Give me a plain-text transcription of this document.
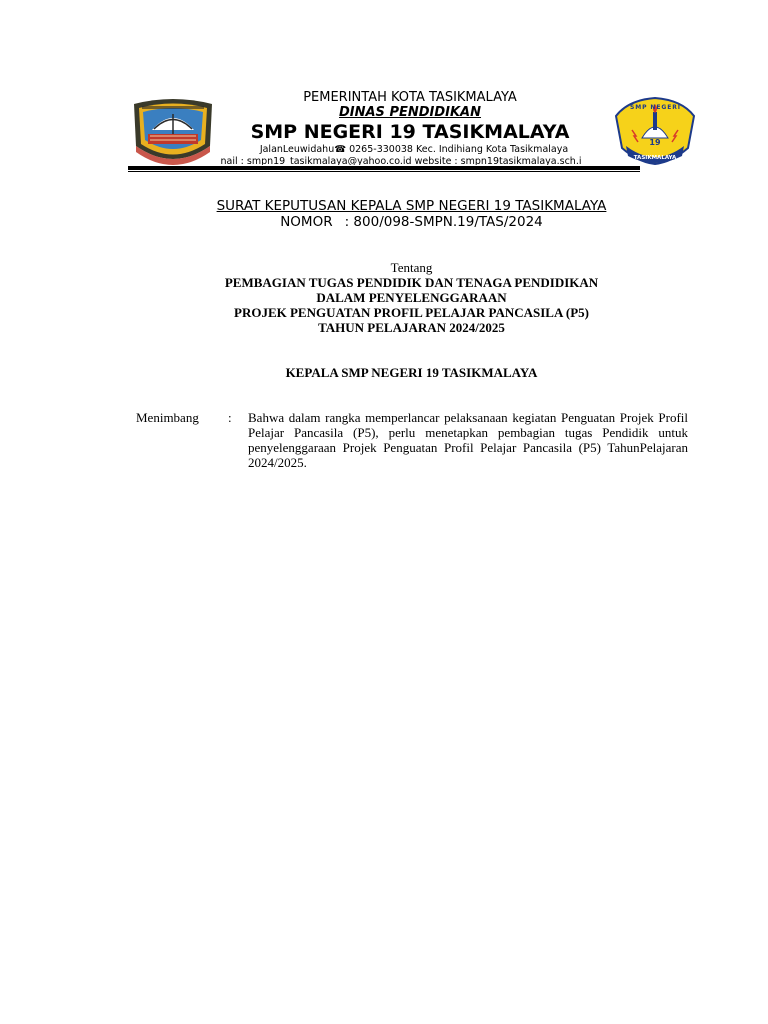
PEMERINTAH KOTA TASIKMALAYA
DINAS PENDIDIKAN
SMP NEGERI 19 TASIKMALAYA
JalanLeuwidahu☎ 0265-330038 Kec. Indihiang Kota Tasikmalaya
nail : smpn19_tasikmalaya@yahoo.co.id website : smpn19tasikmalaya.sch.i
SMP NEGERI
19
TASIKMALAYA
SURAT KEPUTUSAN KEPALA SMP NEGERI 19 TASIKMALAYA
NOMOR : 800/098-SMPN.19/TAS/2024
Tentang
PEMBAGIAN TUGAS PENDIDIK DAN TENAGA PENDIDIKAN
DALAM PENYELENGGARAAN
PROJEK PENGUATAN PROFIL PELAJAR PANCASILA (P5)
TAHUN PELAJARAN 2024/2025
KEPALA SMP NEGERI 19 TASIKMALAYA
Menimbang : Bahwa dalam rangka memperlancar pelaksanaan kegiatan Penguatan Projek Profil Pelajar Pancasila (P5), perlu menetapkan pembagian tugas Pendidik untuk penyelenggaraan Projek Penguatan Profil Pelajar Pancasila (P5) TahunPelajaran 2024/2025.
